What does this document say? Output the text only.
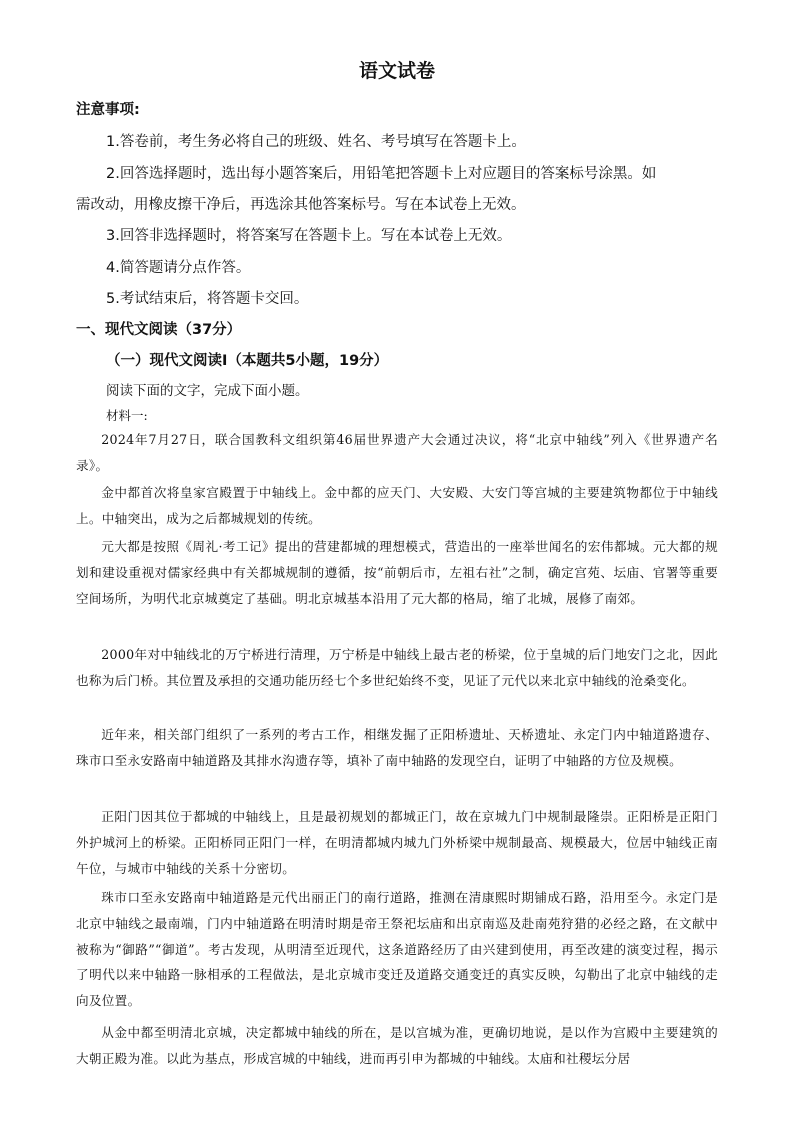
语文试卷
注意事项:
1.答卷前，考生务必将自己的班级、姓名、考号填写在答题卡上。
2.回答选择题时，选出每小题答案后，用铅笔把答题卡上对应题目的答案标号涂黑。如
需改动，用橡皮擦干净后，再选涂其他答案标号。写在本试卷上无效。
3.回答非选择题时，将答案写在答题卡上。写在本试卷上无效。
4.简答题请分点作答。
5.考试结束后，将答题卡交回。
一、现代文阅读（37分）
（一）现代文阅读Ⅰ（本题共5小题，19分）
阅读下面的文字，完成下面小题。
材料一:
2024年7月27日，联合国教科文组织第46届世界遗产大会通过决议，将“北京中轴线”列入《世界遗产名录》。
金中都首次将皇家宫殿置于中轴线上。金中都的应天门、大安殿、大安门等宫城的主要建筑物都位于中轴线上。中轴突出，成为之后都城规划的传统。
元大都是按照《周礼·考工记》提出的营建都城的理想模式，营造出的一座举世闻名的宏伟都城。元大都的规划和建设重视对儒家经典中有关都城规制的遵循，按“前朝后市，左祖右社”之制，确定宫苑、坛庙、官署等重要空间场所，为明代北京城奠定了基础。明北京城基本沿用了元大都的格局，缩了北城，展修了南郊。
2000年对中轴线北的万宁桥进行清理，万宁桥是中轴线上最古老的桥梁，位于皇城的后门地安门之北，因此也称为后门桥。其位置及承担的交通功能历经七个多世纪始终不变，见证了元代以来北京中轴线的沧桑变化。
近年来，相关部门组织了一系列的考古工作，相继发掘了正阳桥遗址、天桥遗址、永定门内中轴道路遗存、珠市口至永安路南中轴道路及其排水沟遗存等，填补了南中轴路的发现空白，证明了中轴路的方位及规模。
正阳门因其位于都城的中轴线上，且是最初规划的都城正门，故在京城九门中规制最隆崇。正阳桥是正阳门外护城河上的桥梁。正阳桥同正阳门一样，在明清都城内城九门外桥梁中规制最高、规模最大，位居中轴线正南午位，与城市中轴线的关系十分密切。
珠市口至永安路南中轴道路是元代出丽正门的南行道路，推测在清康熙时期铺成石路，沿用至今。永定门是北京中轴线之最南端，门内中轴道路在明清时期是帝王祭祀坛庙和出京南巡及赴南苑狩猎的必经之路，在文献中被称为“御路”“御道”。考古发现，从明清至近现代，这条道路经历了由兴建到使用，再至改建的演变过程，揭示了明代以来中轴路一脉相承的工程做法，是北京城市变迁及道路交通变迁的真实反映，勾勒出了北京中轴线的走向及位置。
从金中都至明清北京城，决定都城中轴线的所在，是以宫城为准，更确切地说，是以作为宫殿中主要建筑的大朝正殿为准。以此为基点，形成宫城的中轴线，进而再引申为都城的中轴线。太庙和社稷坛分居
